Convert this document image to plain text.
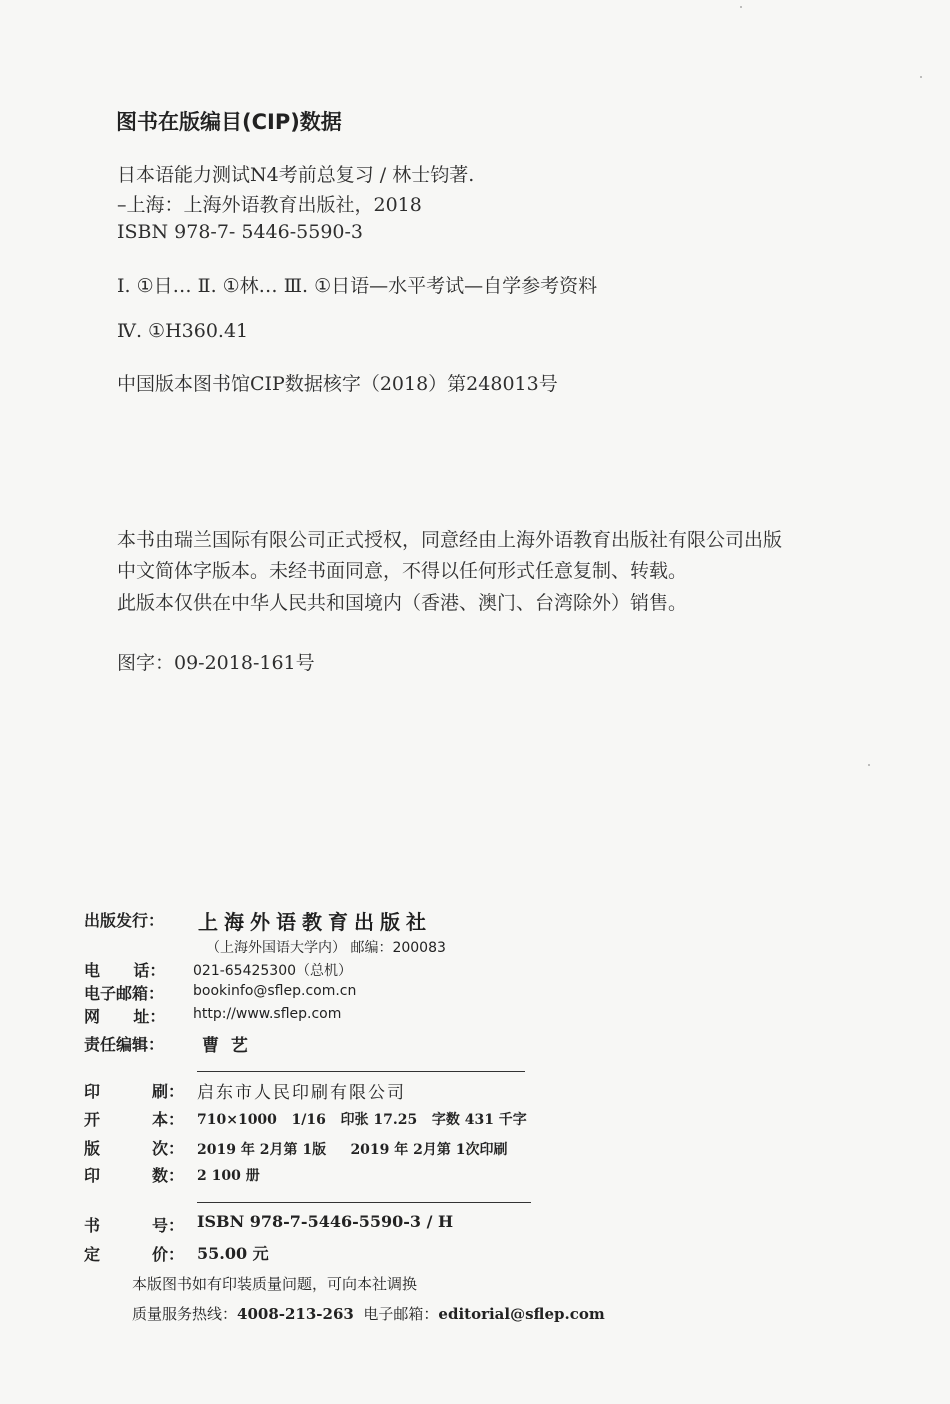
图书在版编目(CIP)数据
日本语能力测试N4考前总复习 / 林士钧著.
–上海：上海外语教育出版社，2018
ISBN 978-7- 5446-5590-3
Ⅰ. ①日… Ⅱ. ①林… Ⅲ. ①日语—水平考试—自学参考资料
Ⅳ. ①H360.41
中国版本图书馆CIP数据核字（2018）第248013号
本书由瑞兰国际有限公司正式授权，同意经由上海外语教育出版社有限公司出版
中文简体字版本。未经书面同意，不得以任何形式任意复制、转载。
此版本仅供在中华人民共和国境内（香港、澳门、台湾除外）销售。
图字：09-2018-161号
出版发行： 上海外语教育出版社
（上海外国语大学内） 邮编：200083
电      话： 021-65425300（总机）
电子邮箱： bookinfo@sflep.com.cn
网      址： http://www.sflep.com
责任编辑： 曹  艺
印	刷： 启东市人民印刷有限公司
开	本： 710×1000   1/16   印张 17.25   字数 431 千字
版	次： 2019 年 2月第 1版     2019 年 2月第 1次印刷
印	数： 2 100 册
书	号： ISBN 978-7-5446-5590-3 / H
定	价： 55.00 元
本版图书如有印装质量问题，可向本社调换
质量服务热线：4008-213-263 电子邮箱：editorial@sflep.com
